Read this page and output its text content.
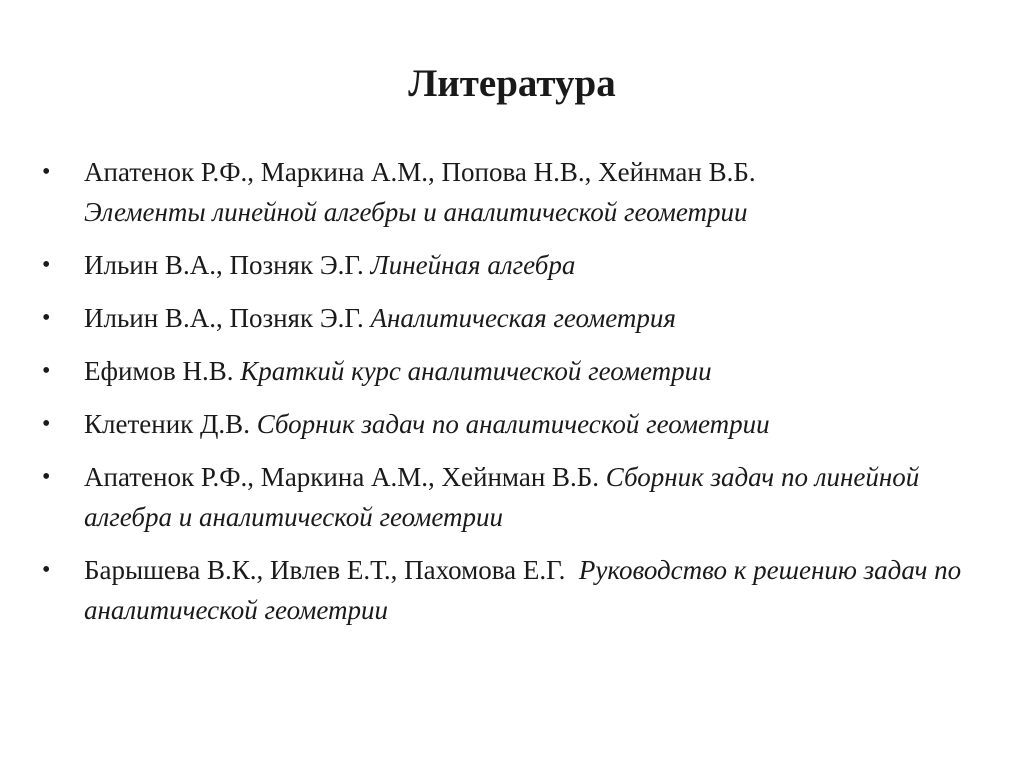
Литература
• Апатенок Р.Ф., Маркина А.М., Попова Н.В., Хейнман В.Б.
Элементы линейной алгебры и аналитической геометрии
• Ильин В.А., Позняк Э.Г. Линейная алгебра
• Ильин В.А., Позняк Э.Г. Аналитическая геометрия
• Ефимов Н.В. Краткий курс аналитической геометрии
• Клетеник Д.В. Сборник задач по аналитической геометрии
• Апатенок Р.Ф., Маркина А.М., Хейнман В.Б. Сборник задач по линейной алгебра и аналитической геометрии
• Барышева В.К., Ивлев Е.Т., Пахомова Е.Г. Руководство к решению задач по аналитической геометрии
